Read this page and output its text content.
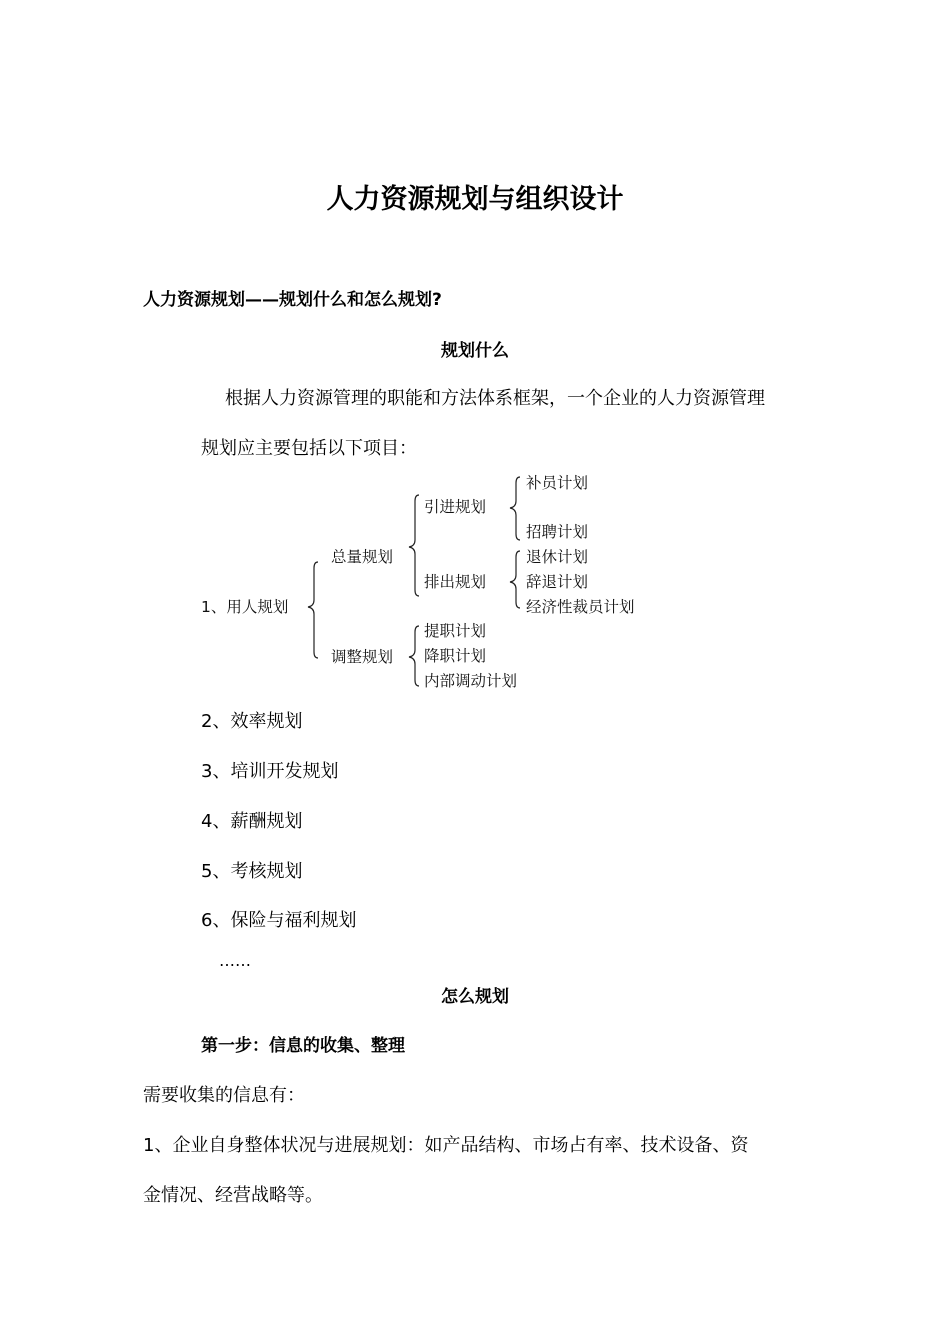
人力资源规划与组织设计
人力资源规划——规划什么和怎么规划?
规划什么
根据人力资源管理的职能和方法体系框架，一个企业的人力资源管理
规划应主要包括以下项目：
1、用人规划
总量规划
调整规划
引进规划
排出规划
补员计划
招聘计划
退休计划
辞退计划
经济性裁员计划
提职计划
降职计划
内部调动计划
2、效率规划
3、培训开发规划
4、薪酬规划
5、考核规划
6、保险与福利规划
……
怎么规划
第一步：信息的收集、整理
需要收集的信息有：
1、企业自身整体状况与进展规划：如产品结构、市场占有率、技术设备、资
金情况、经营战略等。
